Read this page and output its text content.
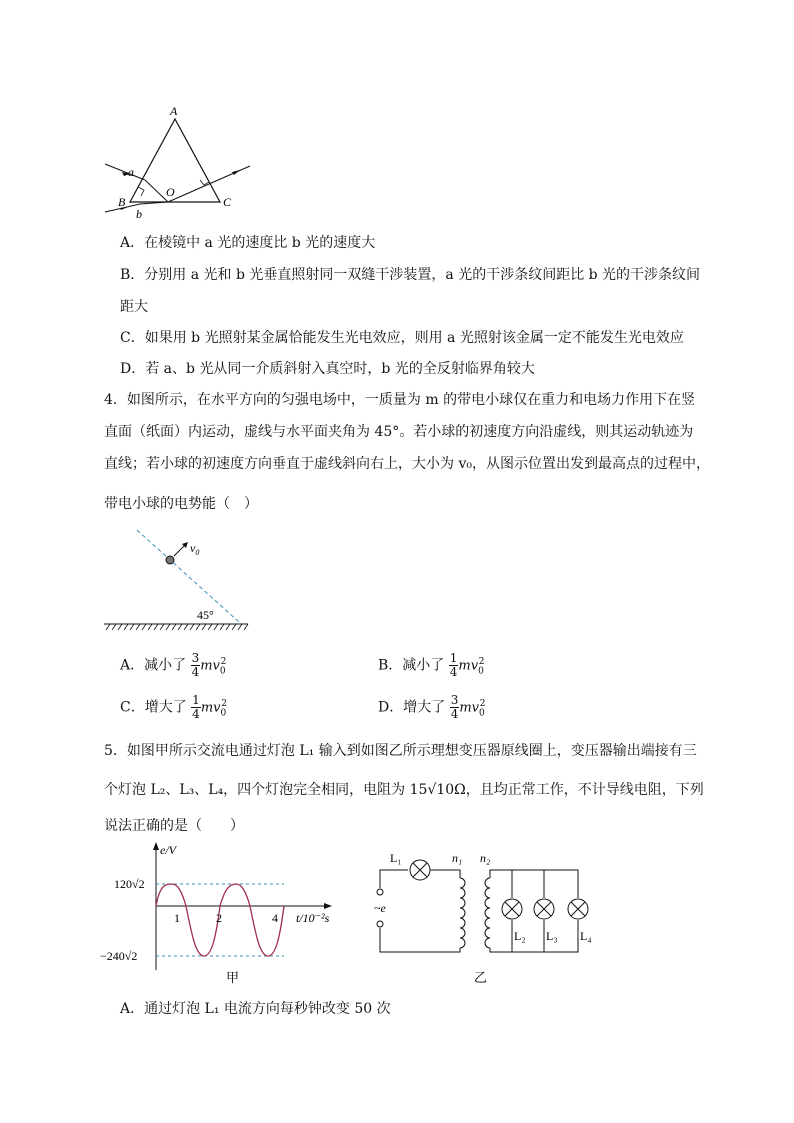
A
B	C
O
a
b
A．在棱镜中 a 光的速度比 b 光的速度大
B．分别用 a 光和 b 光垂直照射同一双缝干涉装置，a 光的干涉条纹间距比 b 光的干涉条纹间
距大
C．如果用 b 光照射某金属恰能发生光电效应，则用 a 光照射该金属一定不能发生光电效应
D．若 a、b 光从同一介质斜射入真空时，b 光的全反射临界角较大
4．如图所示，在水平方向的匀强电场中，一质量为 m 的带电小球仅在重力和电场力作用下在竖
直面（纸面）内运动，虚线与水平面夹角为 45°。若小球的初速度方向沿虚线，则其运动轨迹为
直线；若小球的初速度方向垂直于虚线斜向右上，大小为 v₀，从图示位置出发到最高点的过程中，
带电小球的电势能（　）
$v_0$
45°
A．减小了 $\frac{3}{4} mv_0^2$	B．减小了 $\frac{1}{4} mv_0^2$
C．增大了 $\frac{1}{4} mv_0^2$	D．增大了 $\frac{3}{4} mv_0^2$
5．如图甲所示交流电通过灯泡 L₁ 输入到如图乙所示理想变压器原线圈上，变压器输出端接有三
个灯泡 L₂、L₃、L₄，四个灯泡完全相同，电阻为 15√10Ω，且均正常工作，不计导线电阻，下列
说法正确的是（　　）
e/V
t/10⁻²s
120√2
−240√2
1	2	4
甲
~e
L₁	n₁ n₂
L₂ L₃ L₄
乙
A．通过灯泡 L₁ 电流方向每秒钟改变 50 次
